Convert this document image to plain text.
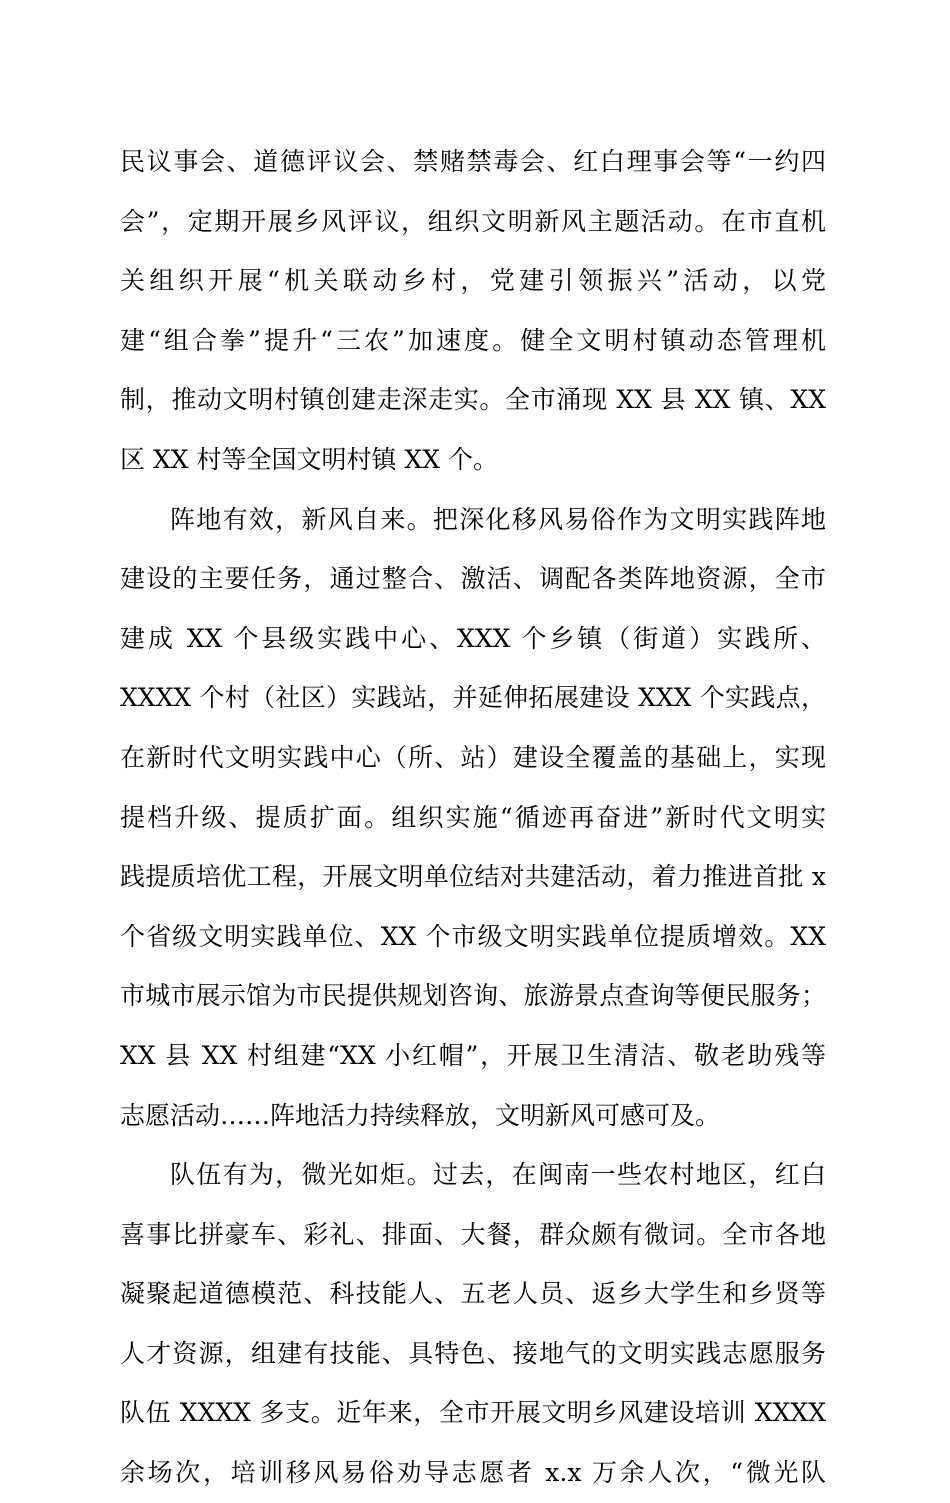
民议事会、道德评议会、禁赌禁毒会、红白理事会等“一约四
会”，定期开展乡风评议，组织文明新风主题活动。在市直机
关组织开展“机关联动乡村，党建引领振兴”活动，以党
建“组合拳”提升“三农”加速度。健全文明村镇动态管理机
制，推动文明村镇创建走深走实。全市涌现 XX 县 XX 镇、XX
区 XX 村等全国文明村镇 XX 个。
阵地有效，新风自来。把深化移风易俗作为文明实践阵地
建设的主要任务，通过整合、激活、调配各类阵地资源，全市
建成 XX 个县级实践中心、XXX 个乡镇（街道）实践所、
XXXX 个村（社区）实践站，并延伸拓展建设 XXX 个实践点，
在新时代文明实践中心（所、站）建设全覆盖的基础上，实现
提档升级、提质扩面。组织实施“循迹再奋进”新时代文明实
践提质培优工程，开展文明单位结对共建活动，着力推进首批 x
个省级文明实践单位、XX 个市级文明实践单位提质增效。XX
市城市展示馆为市民提供规划咨询、旅游景点查询等便民服务；
XX 县 XX 村组建“XX 小红帽”，开展卫生清洁、敬老助残等
志愿活动……阵地活力持续释放，文明新风可感可及。
队伍有为，微光如炬。过去，在闽南一些农村地区，红白
喜事比拼豪车、彩礼、排面、大餐，群众颇有微词。全市各地
凝聚起道德模范、科技能人、五老人员、返乡大学生和乡贤等
人才资源，组建有技能、具特色、接地气的文明实践志愿服务
队伍 XXXX 多支。近年来，全市开展文明乡风建设培训 XXXX
余场次，培训移风易俗劝导志愿者 x.x 万余人次，“微光队
